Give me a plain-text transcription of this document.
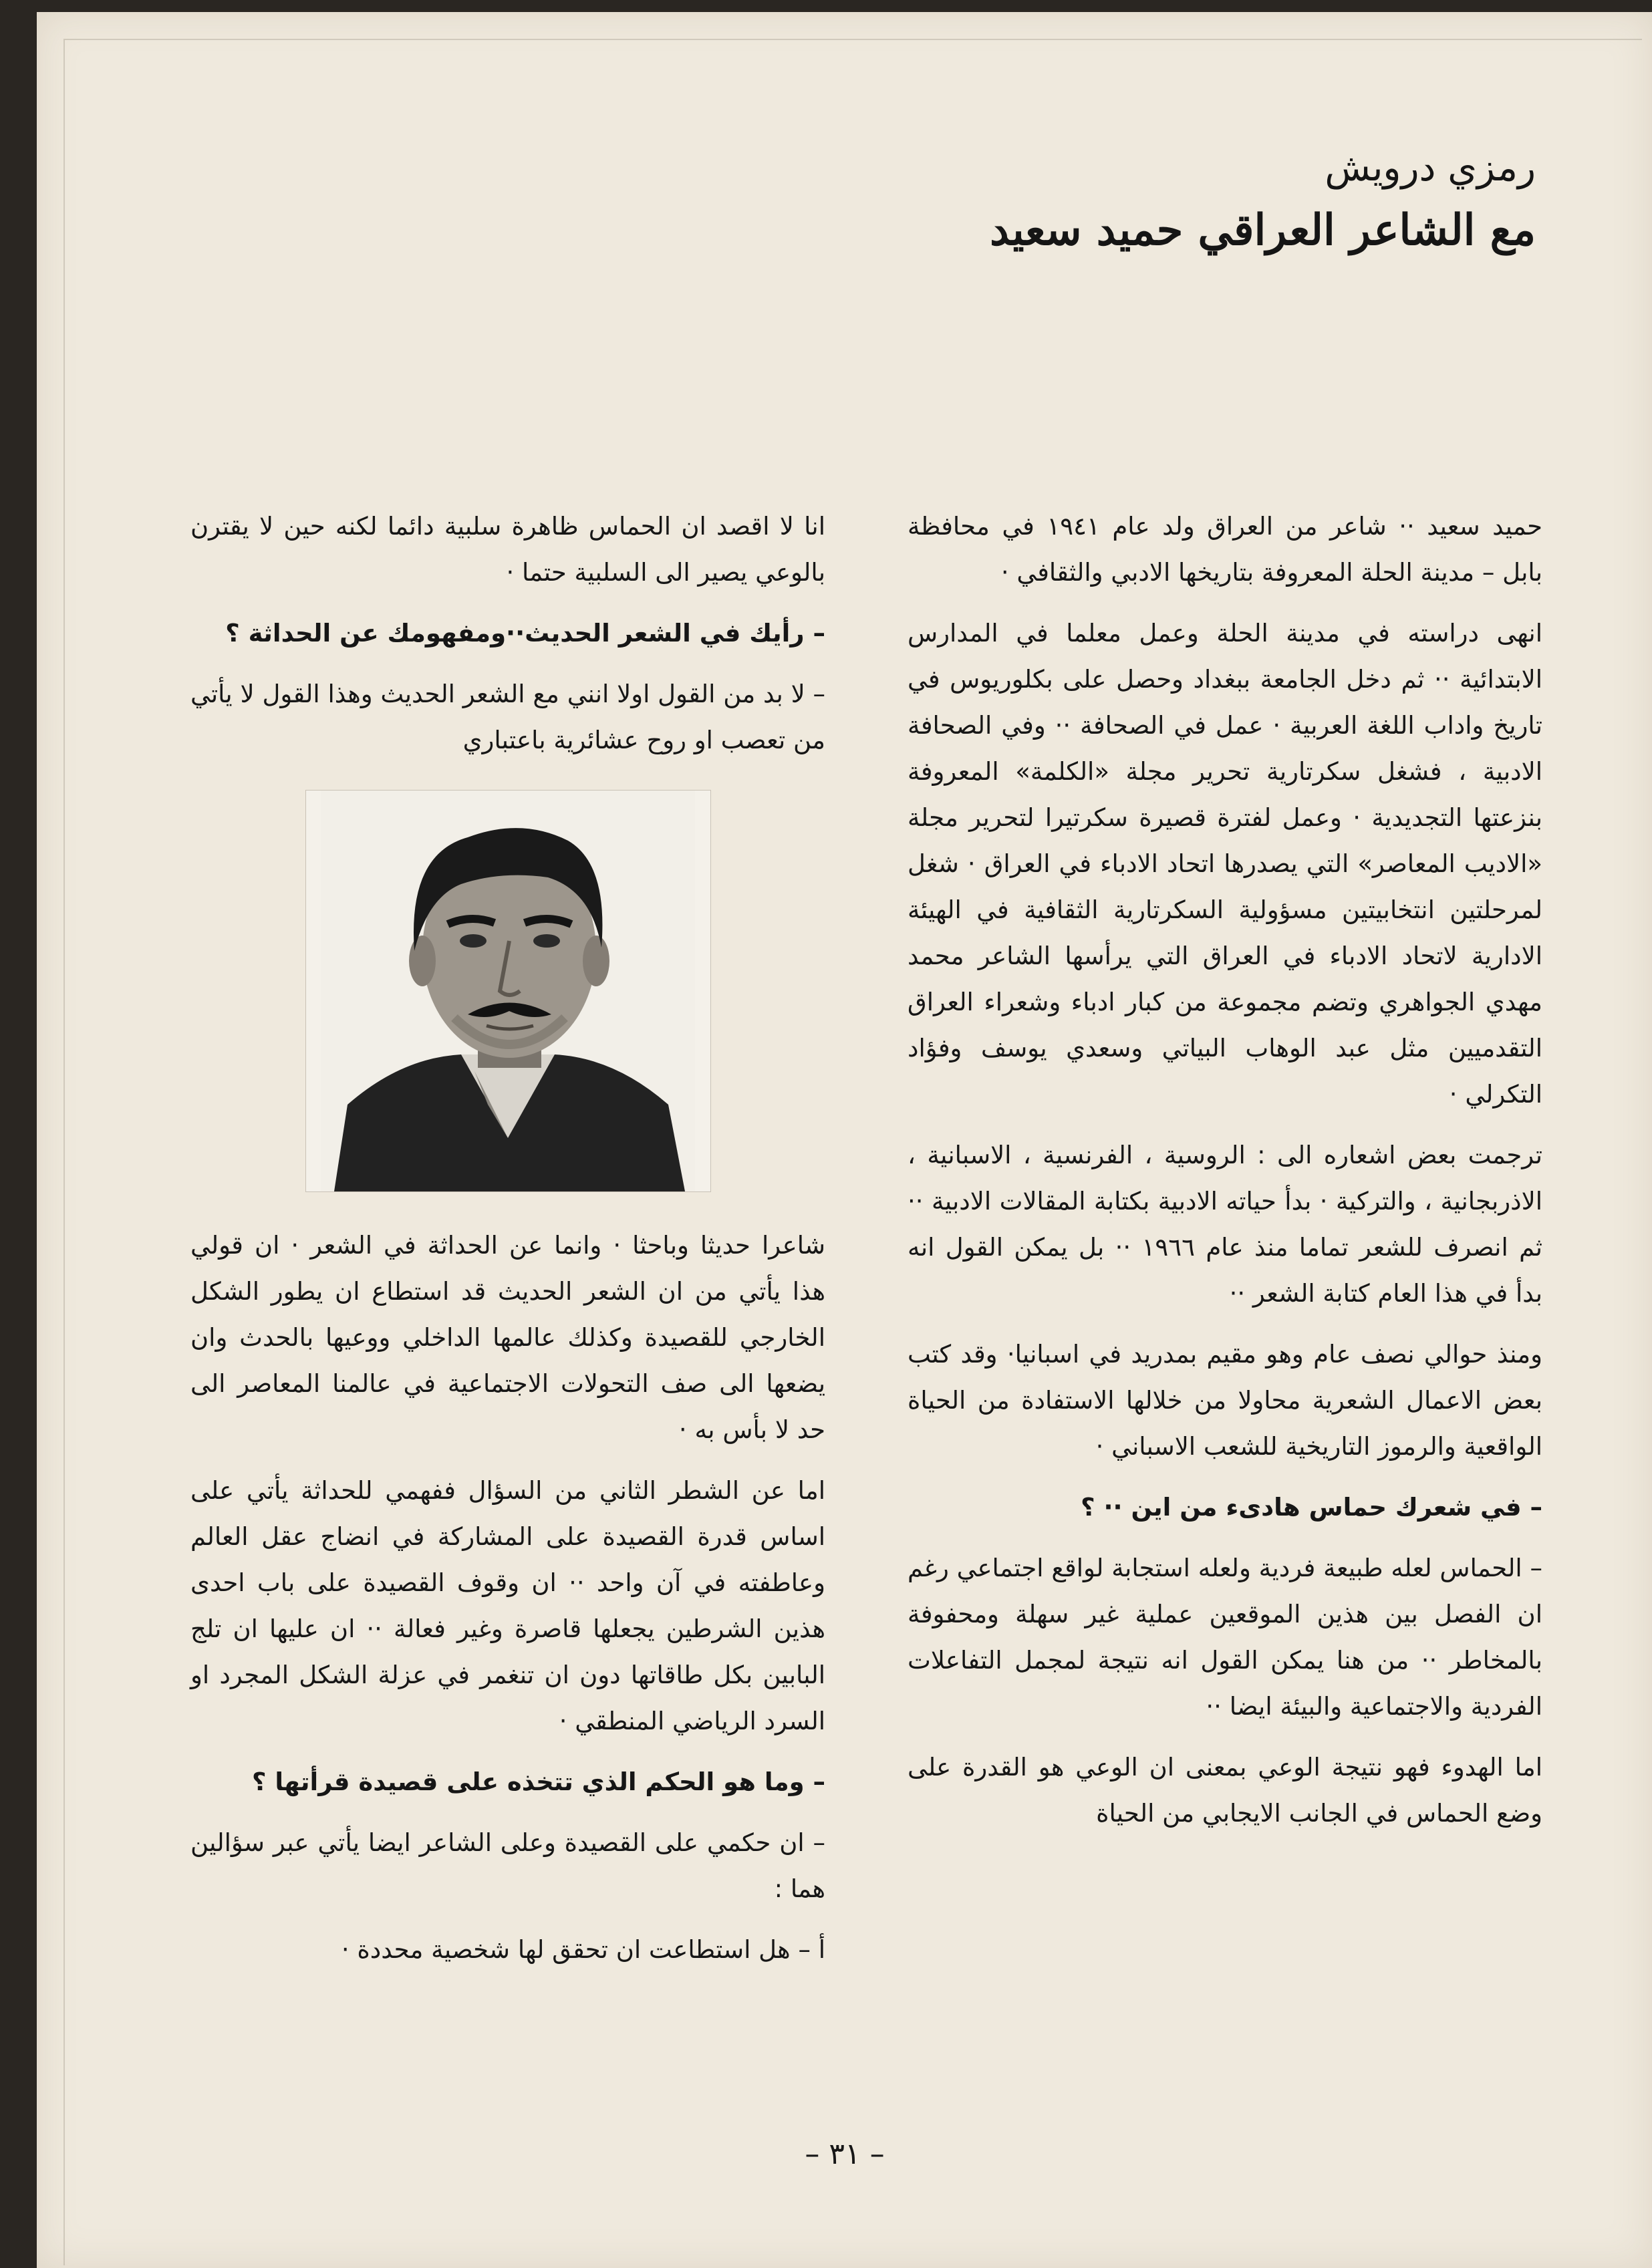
رمزي درويش
مع الشاعر العراقي حميد سعيد

حميد سعيد ·· شاعر من العراق ولد عام ١٩٤١ في محافظة بابل – مدينة الحلة المعروفة بتاريخها الادبي والثقافي ·

انهى دراسته في مدينة الحلة وعمل معلما في المدارس الابتدائية ·· ثم دخل الجامعة ببغداد وحصل على بكلوريوس في تاريخ واداب اللغة العربية · عمل في الصحافة ·· وفي الصحافة الادبية ، فشغل سكرتارية تحرير مجلة «الكلمة» المعروفة بنزعتها التجديدية · وعمل لفترة قصيرة سكرتيرا لتحرير مجلة «الاديب المعاصر» التي يصدرها اتحاد الادباء في العراق · شغل لمرحلتين انتخابيتين مسؤولية السكرتارية الثقافية في الهيئة الادارية لاتحاد الادباء في العراق التي يرأسها الشاعر محمد مهدي الجواهري وتضم مجموعة من كبار ادباء وشعراء العراق التقدميين مثل عبد الوهاب البياتي وسعدي يوسف وفؤاد التكرلي ·

ترجمت بعض اشعاره الى : الروسية ، الفرنسية ، الاسبانية ، الاذربجانية ، والتركية · بدأ حياته الادبية بكتابة المقالات الادبية ·· ثم انصرف للشعر تماما منذ عام ١٩٦٦ ·· بل يمكن القول انه بدأ في هذا العام كتابة الشعر ··

ومنذ حوالي نصف عام وهو مقيم بمدريد في اسبانيا· وقد كتب بعض الاعمال الشعرية محاولا من خلالها الاستفادة من الحياة الواقعية والرموز التاريخية للشعب الاسباني ·

– في شعرك حماس هادىء من اين ·· ؟

– الحماس لعله طبيعة فردية ولعله استجابة لواقع اجتماعي رغم ان الفصل بين هذين الموقعين عملية غير سهلة ومحفوفة بالمخاطر ·· من هنا يمكن القول انه نتيجة لمجمل التفاعلات الفردية والاجتماعية والبيئة ايضا ··

اما الهدوء فهو نتيجة الوعي بمعنى ان الوعي هو القدرة على وضع الحماس في الجانب الايجابي من الحياة

انا لا اقصد ان الحماس ظاهرة سلبية دائما لكنه حين لا يقترن بالوعي يصير الى السلبية حتما ·

– رأيك في الشعر الحديث··ومفهومك عن الحداثة ؟

– لا بد من القول اولا انني مع الشعر الحديث وهذا القول لا يأتي من تعصب او روح عشائرية باعتباري

شاعرا حديثا وباحثا · وانما عن الحداثة في الشعر · ان قولي هذا يأتي من ان الشعر الحديث قد استطاع ان يطور الشكل الخارجي للقصيدة وكذلك عالمها الداخلي ووعيها بالحدث وان يضعها الى صف التحولات الاجتماعية في عالمنا المعاصر الى حد لا بأس به ·

اما عن الشطر الثاني من السؤال ففهمي للحداثة يأتي على اساس قدرة القصيدة على المشاركة في انضاج عقل العالم وعاطفته في آن واحد ·· ان وقوف القصيدة على باب احدى هذين الشرطين يجعلها قاصرة وغير فعالة ·· ان عليها ان تلج البابين بكل طاقاتها دون ان تنغمر في عزلة الشكل المجرد او السرد الرياضي المنطقي ·

– وما هو الحكم الذي تتخذه على قصيدة قرأتها ؟

– ان حكمي على القصيدة وعلى الشاعر ايضا يأتي عبر سؤالين هما :

أ – هل استطاعت ان تحقق لها شخصية محددة ·

– ٣١ –
